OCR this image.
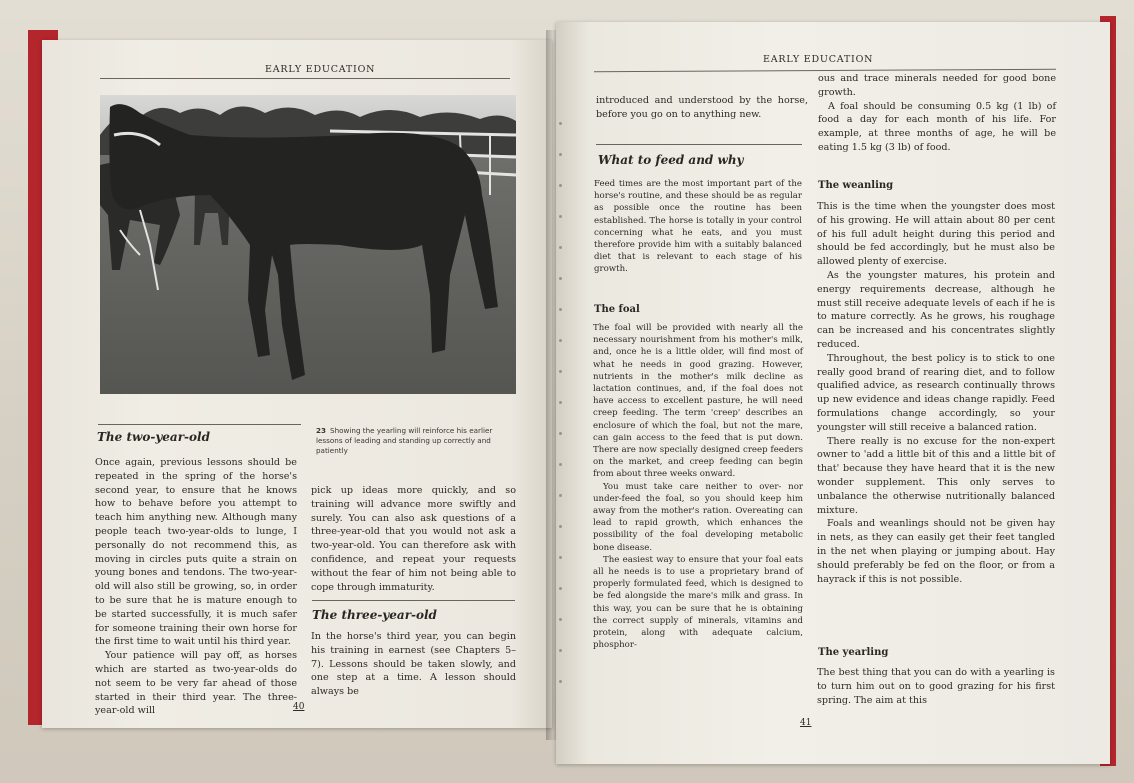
EARLY EDUCATION
23 Showing the yearling will reinforce his earlier lessons of leading and standing up correctly and patiently
The two-year-old

Once again, previous lessons should be repeated in the spring of the horse's second year, to ensure that he knows how to behave before you attempt to teach him anything new. Although many people teach two-year-olds to lunge, I personally do not recommend this, as moving in circles puts quite a strain on young bones and tendons. The two-year-old will also still be growing, so, in order to be sure that he is mature enough to be started successfully, it is much safer for someone training their own horse for the first time to wait until his third year.

Your patience will pay off, as horses which are started as two-year-olds do not seem to be very far ahead of those started in their third year. The three-year-old will

pick up ideas more quickly, and so training will advance more swiftly and surely. You can also ask questions of a three-year-old that you would not ask a two-year-old. You can therefore ask with confidence, and repeat your requests without the fear of him not being able to cope through immaturity.

The three-year-old

In the horse's third year, you can begin his training in earnest (see Chapters 5–7). Lessons should be taken slowly, and one step at a time. A lesson should always be

40
EARLY EDUCATION

introduced and understood by the horse, before you go on to anything new.

What to feed and why

Feed times are the most important part of the horse's routine, and these should be as regular as possible once the routine has been established. The horse is totally in your control concerning what he eats, and you must therefore provide him with a suitably balanced diet that is relevant to each stage of his growth.

The foal

The foal will be provided with nearly all the necessary nourishment from his mother's milk, and, once he is a little older, will find most of what he needs in good grazing. However, nutrients in the mother's milk decline as lactation continues, and, if the foal does not have access to excellent pasture, he will need creep feeding. The term 'creep' describes an enclosure of which the foal, but not the mare, can gain access to the feed that is put down. There are now specially designed creep feeders on the market, and creep feeding can begin from about three weeks onward.

You must take care neither to over- nor under-feed the foal, so you should keep him away from the mother's ration. Overeating can lead to rapid growth, which enhances the possibility of the foal developing metabolic bone disease.

The easiest way to ensure that your foal eats all he needs is to use a proprietary brand of properly formulated feed, which is designed to be fed alongside the mare's milk and grass. In this way, you can be sure that he is obtaining the correct supply of minerals, vitamins and protein, along with adequate calcium, phosphor-

ous and trace minerals needed for good bone growth.

A foal should be consuming 0.5 kg (1 lb) of food a day for each month of his life. For example, at three months of age, he will be eating 1.5 kg (3 lb) of food.

The weanling

This is the time when the youngster does most of his growing. He will attain about 80 per cent of his full adult height during this period and should be fed accordingly, but he must also be allowed plenty of exercise.

As the youngster matures, his protein and energy requirements decrease, although he must still receive adequate levels of each if he is to mature correctly. As he grows, his roughage can be increased and his concentrates slightly reduced.

Throughout, the best policy is to stick to one really good brand of rearing diet, and to follow qualified advice, as research continually throws up new evidence and ideas change rapidly. Feed formulations change accordingly, so your youngster will still receive a balanced ration.

There really is no excuse for the non-expert owner to 'add a little bit of this and a little bit of that' because they have heard that it is the new wonder supplement. This only serves to unbalance the otherwise nutritionally balanced mixture.

Foals and weanlings should not be given hay in nets, as they can easily get their feet tangled in the net when playing or jumping about. Hay should preferably be fed on the floor, or from a hayrack if this is not possible.

The yearling

The best thing that you can do with a yearling is to turn him out on to good grazing for his first spring. The aim at this

41
